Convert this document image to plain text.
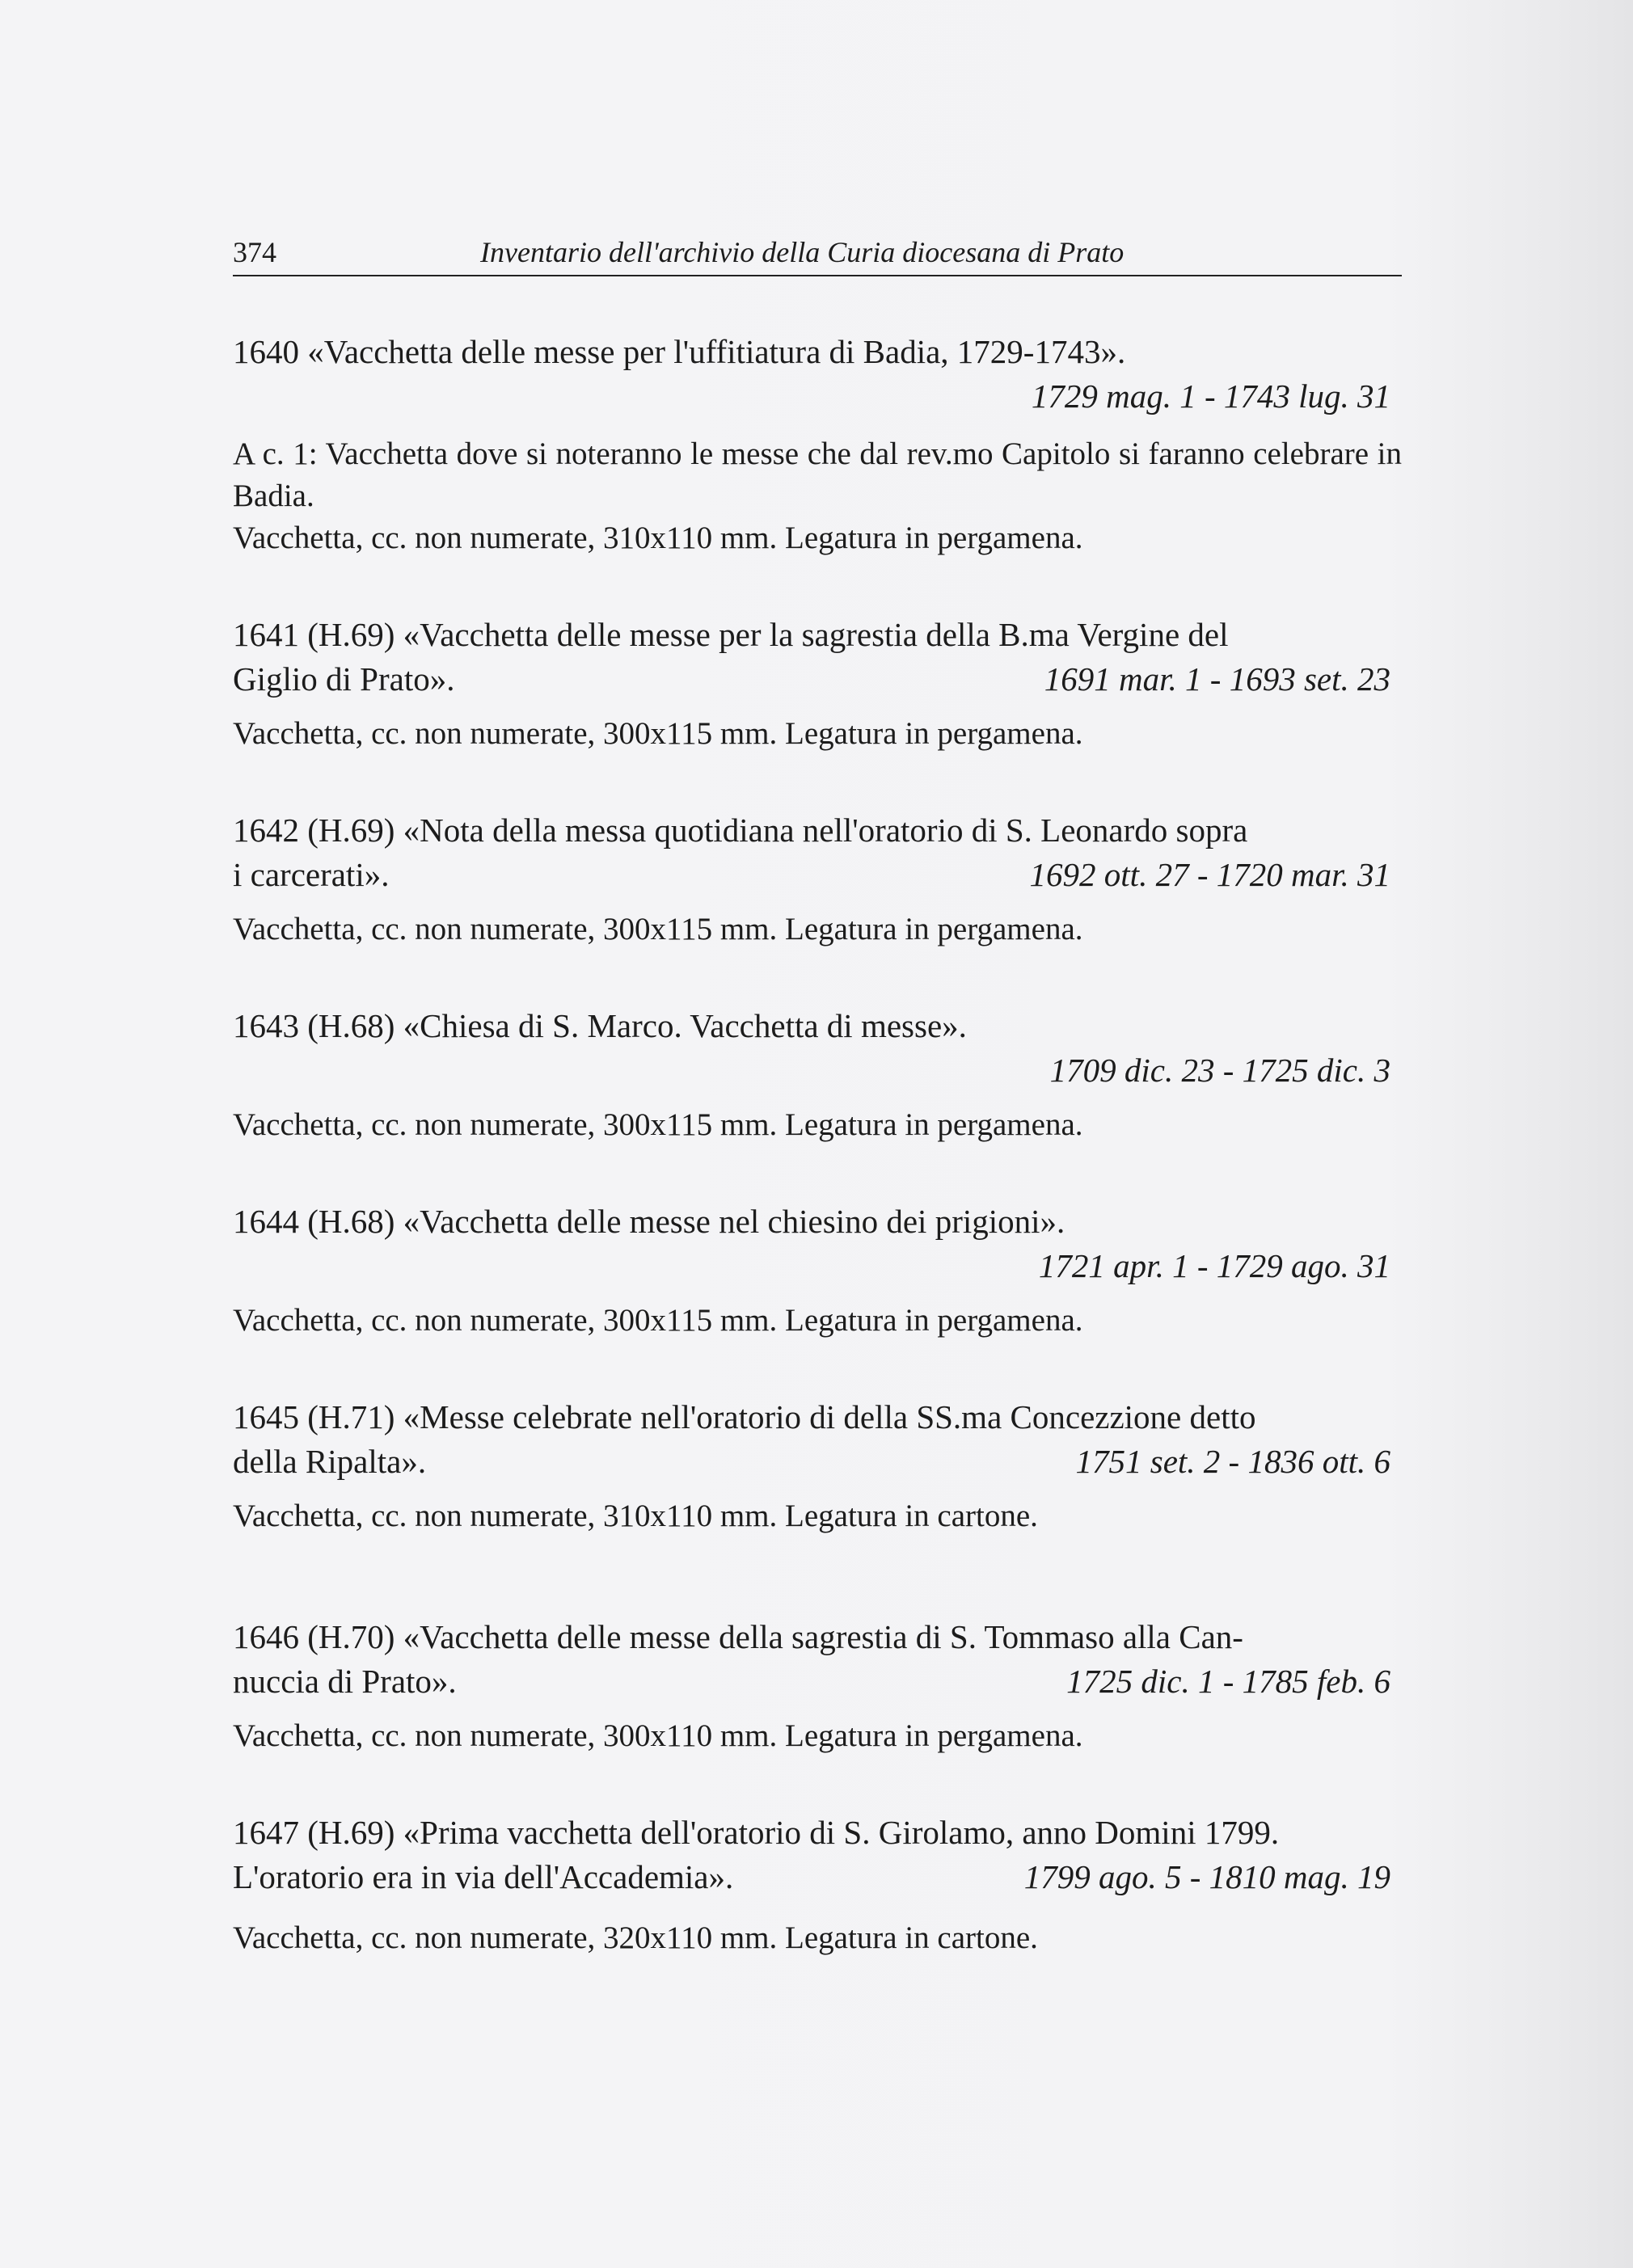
374	Inventario dell'archivio della Curia diocesana di Prato

1640 «Vacchetta delle messe per l'uffitiatura di Badia, 1729-1743».

1729 mag. 1 - 1743 lug. 31

A c. 1: Vacchetta dove si noteranno le messe che dal rev.mo Capitolo si faranno celebrare in Badia.

Vacchetta, cc. non numerate, 310x110 mm. Legatura in pergamena.

1641 (H.69) «Vacchetta delle messe per la sagrestia della B.ma Vergine del

1691 mar. 1 - 1693 set. 23
Giglio di Prato».

Vacchetta, cc. non numerate, 300x115 mm. Legatura in pergamena.

1642 (H.69) «Nota della messa quotidiana nell'oratorio di S. Leonardo sopra

1692 ott. 27 - 1720 mar. 31
i carcerati».

Vacchetta, cc. non numerate, 300x115 mm. Legatura in pergamena.

1643 (H.68) «Chiesa di S. Marco. Vacchetta di messe».

1709 dic. 23 - 1725 dic. 3

Vacchetta, cc. non numerate, 300x115 mm. Legatura in pergamena.

1644 (H.68) «Vacchetta delle messe nel chiesino dei prigioni».

1721 apr. 1 - 1729 ago. 31

Vacchetta, cc. non numerate, 300x115 mm. Legatura in pergamena.

1645 (H.71) «Messe celebrate nell'oratorio di della SS.ma Concezzione detto

1751 set. 2 - 1836 ott. 6
della Ripalta».

Vacchetta, cc. non numerate, 310x110 mm. Legatura in cartone.

1646 (H.70) «Vacchetta delle messe della sagrestia di S. Tommaso alla Can-

1725 dic. 1 - 1785 feb. 6
nuccia di Prato».

Vacchetta, cc. non numerate, 300x110 mm. Legatura in pergamena.

1647 (H.69) «Prima vacchetta dell'oratorio di S. Girolamo, anno Domini 1799.

1799 ago. 5 - 1810 mag. 19
L'oratorio era in via dell'Accademia».

Vacchetta, cc. non numerate, 320x110 mm. Legatura in cartone.
